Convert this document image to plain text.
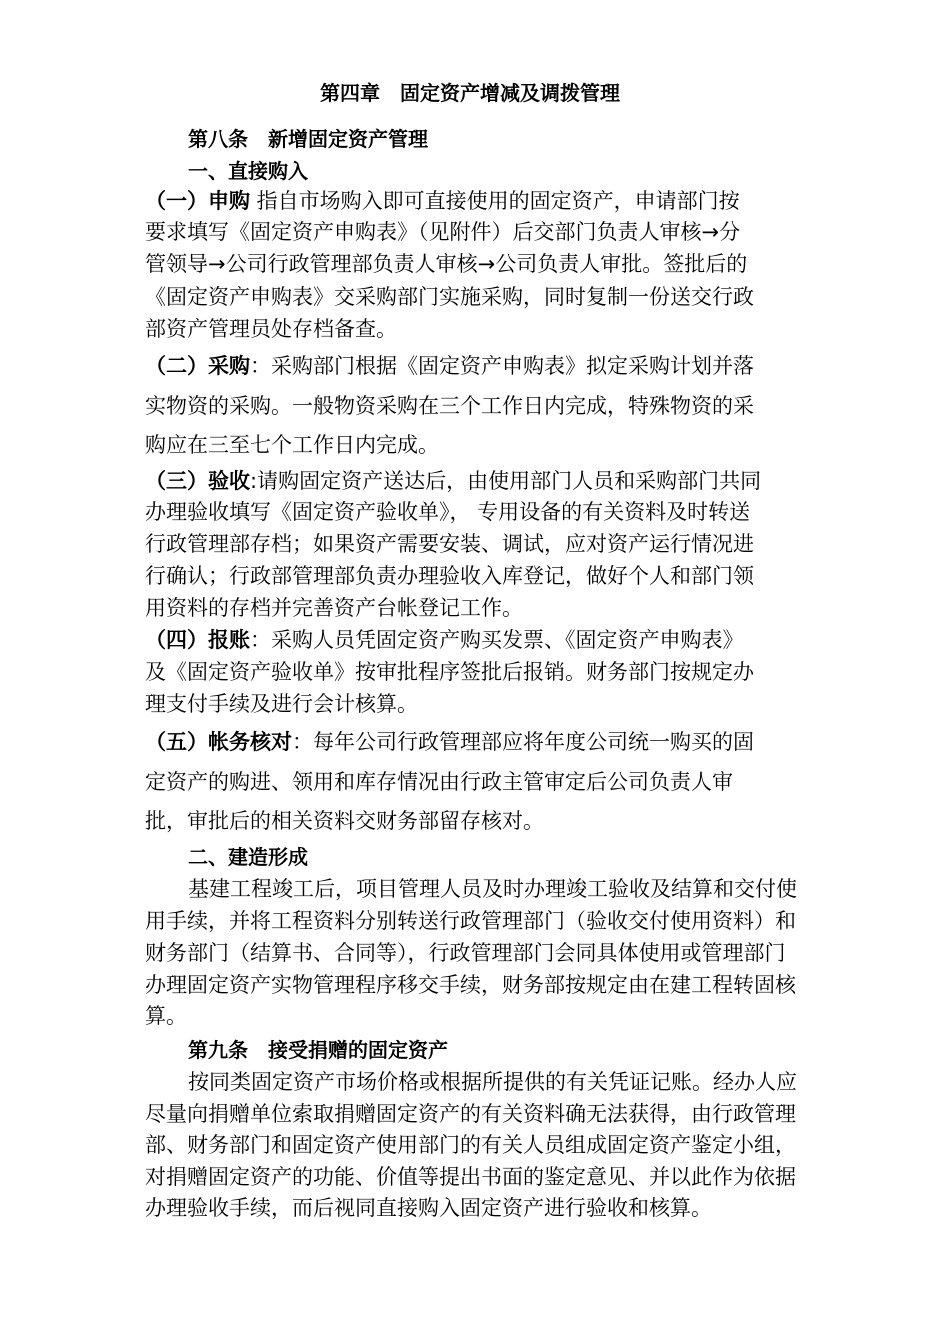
第四章　固定资产增减及调拨管理
第八条　新增固定资产管理
一、直接购入
（一）申购 指自市场购入即可直接使用的固定资产，申请部门按
要求填写《固定资产申购表》（见附件）后交部门负责人审核→分
管领导→公司行政管理部负责人审核→公司负责人审批。签批后的
《固定资产申购表》交采购部门实施采购，同时复制一份送交行政
部资产管理员处存档备查。
（二）采购：采购部门根据《固定资产申购表》拟定采购计划并落
实物资的采购。一般物资采购在三个工作日内完成，特殊物资的采
购应在三至七个工作日内完成。
（三）验收:请购固定资产送达后，由使用部门人员和采购部门共同
办理验收填写《固定资产验收单》， 专用设备的有关资料及时转送
行政管理部存档；如果资产需要安装、调试，应对资产运行情况进
行确认；行政部管理部负责办理验收入库登记，做好个人和部门领
用资料的存档并完善资产台帐登记工作。
（四）报账：采购人员凭固定资产购买发票、《固定资产申购表》
及《固定资产验收单》按审批程序签批后报销。财务部门按规定办
理支付手续及进行会计核算。
（五）帐务核对：每年公司行政管理部应将年度公司统一购买的固
定资产的购进、领用和库存情况由行政主管审定后公司负责人审
批，审批后的相关资料交财务部留存核对。
二、建造形成
基建工程竣工后，项目管理人员及时办理竣工验收及结算和交付使
用手续，并将工程资料分别转送行政管理部门（验收交付使用资料）和
财务部门（结算书、合同等），行政管理部门会同具体使用或管理部门
办理固定资产实物管理程序移交手续，财务部按规定由在建工程转固核
算。
第九条　接受捐赠的固定资产
按同类固定资产市场价格或根据所提供的有关凭证记账。经办人应
尽量向捐赠单位索取捐赠固定资产的有关资料确无法获得，由行政管理
部、财务部门和固定资产使用部门的有关人员组成固定资产鉴定小组，
对捐赠固定资产的功能、价值等提出书面的鉴定意见、并以此作为依据
办理验收手续，而后视同直接购入固定资产进行验收和核算。
